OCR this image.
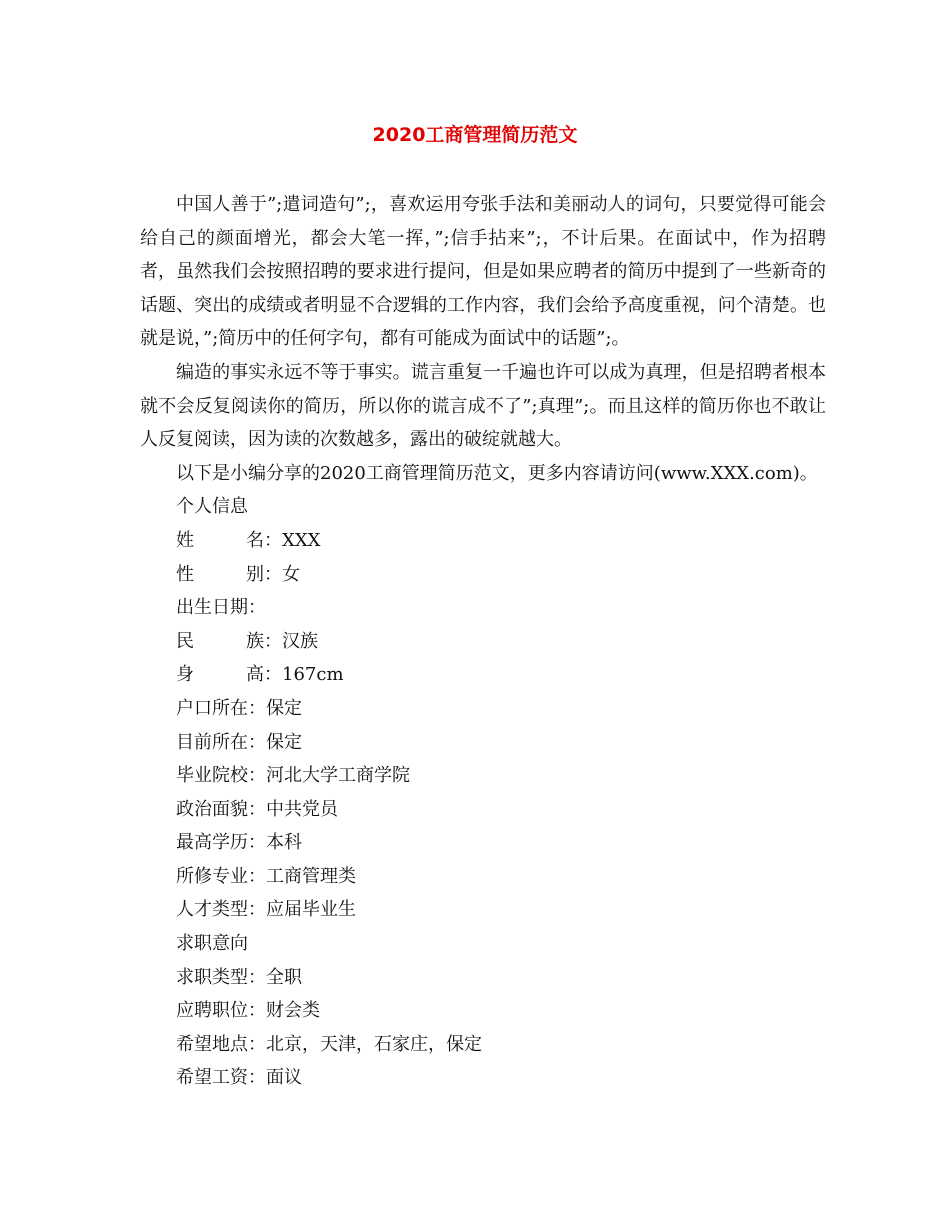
2020工商管理简历范文

中国人善于”;遣词造句”;，喜欢运用夸张手法和美丽动人的词句，只要觉得可能会给自己的颜面增光，都会大笔一挥，”;信手拈来”;，不计后果。在面试中，作为招聘者，虽然我们会按照招聘的要求进行提问，但是如果应聘者的简历中提到了一些新奇的话题、突出的成绩或者明显不合逻辑的工作内容，我们会给予高度重视，问个清楚。也就是说，”;简历中的任何字句，都有可能成为面试中的话题”;。

编造的事实永远不等于事实。谎言重复一千遍也许可以成为真理，但是招聘者根本就不会反复阅读你的简历，所以你的谎言成不了”;真理”;。而且这样的简历你也不敢让人反复阅读，因为读的次数越多，露出的破绽就越大。

以下是小编分享的2020工商管理简历范文，更多内容请访问(www.XXX.com)。

个人信息

姓名：XXX

性别：女

出生日期：

民族：汉族

身高：167cm

户口所在：保定

目前所在：保定

毕业院校：河北大学工商学院

政治面貌：中共党员

最高学历：本科

所修专业：工商管理类

人才类型：应届毕业生

求职意向

求职类型：全职

应聘职位：财会类

希望地点：北京，天津，石家庄，保定

希望工资：面议
